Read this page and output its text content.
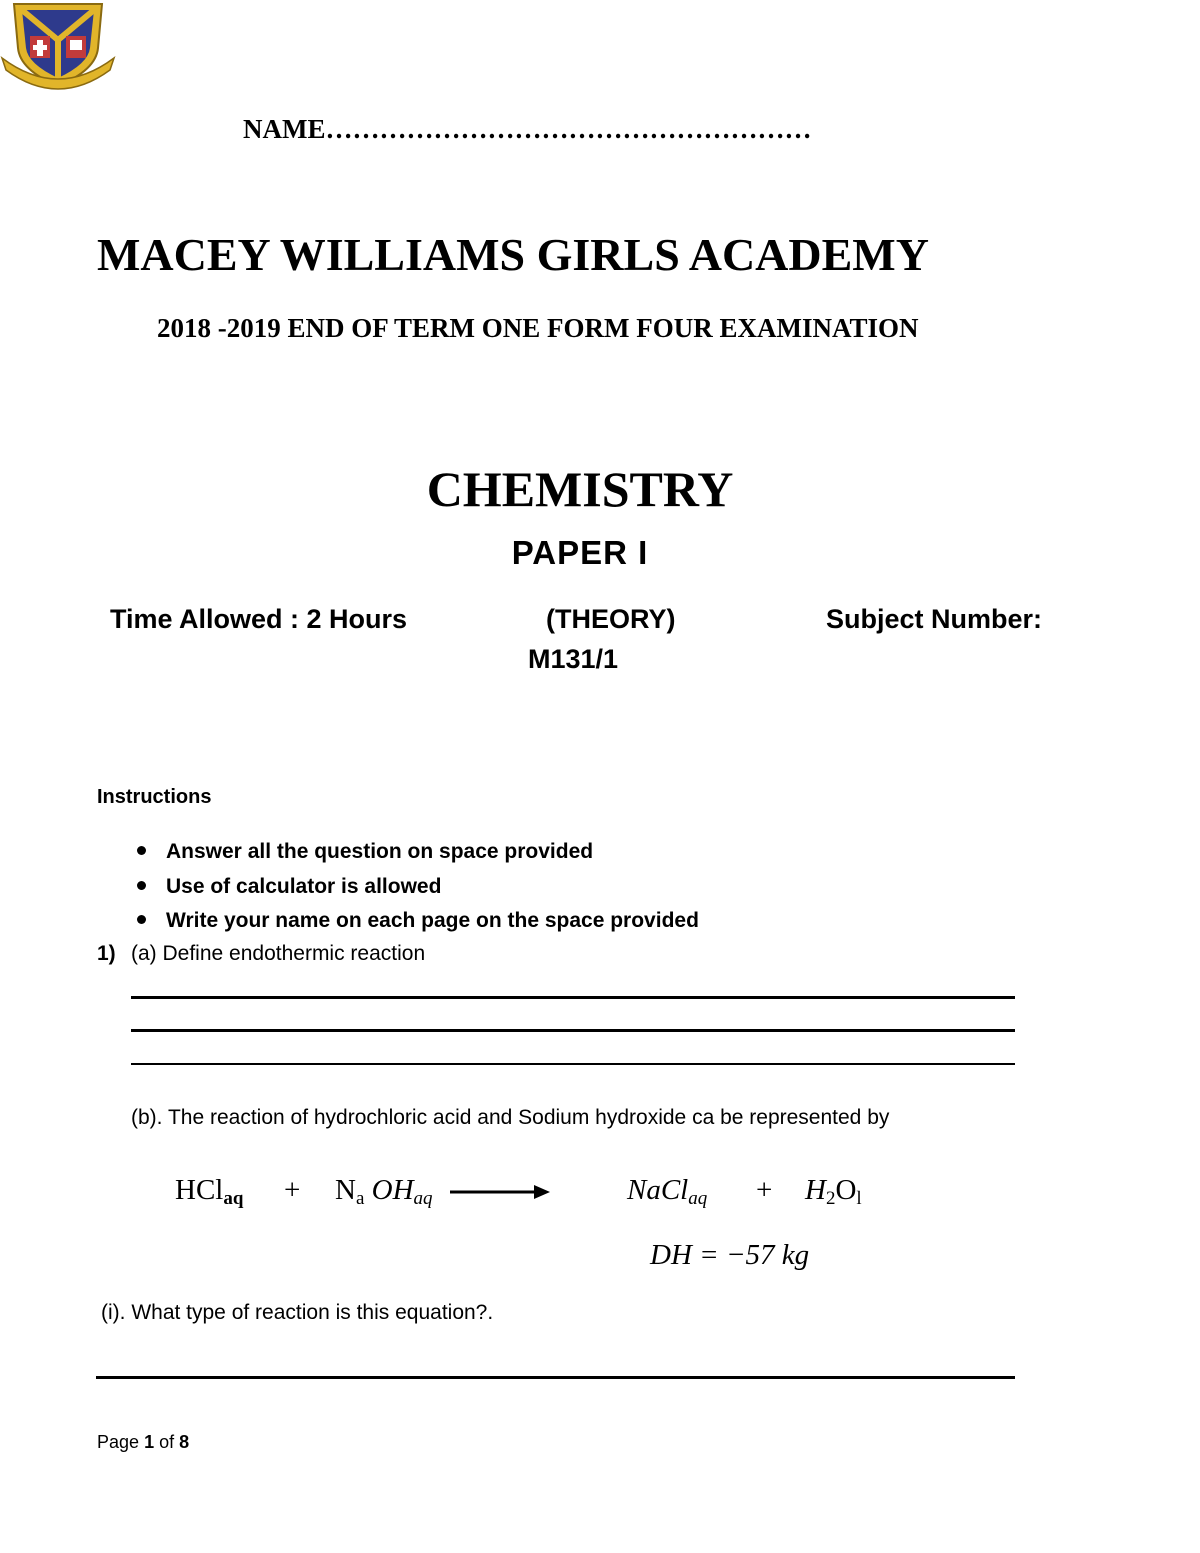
NAME………………………………………………
MACEY WILLIAMS GIRLS ACADEMY
2018 -2019 END OF TERM ONE FORM FOUR EXAMINATION
CHEMISTRY
PAPER I
Time Allowed : 2 Hours	(THEORY)	Subject Number:
M131/1
Instructions
Answer all the question on space provided
Use of calculator is allowed
Write your name on each page on the space provided
1) (a) Define endothermic reaction
(b). The reaction of hydrochloric acid and Sodium hydroxide ca be represented by
$HCl_{aq} + N_a$ $OH_{aq}$	NaCl$_{aq}$ + $H_2O_l$
DH = −57 kg
(i). What type of reaction is this equation?.
Page 1 of 8
